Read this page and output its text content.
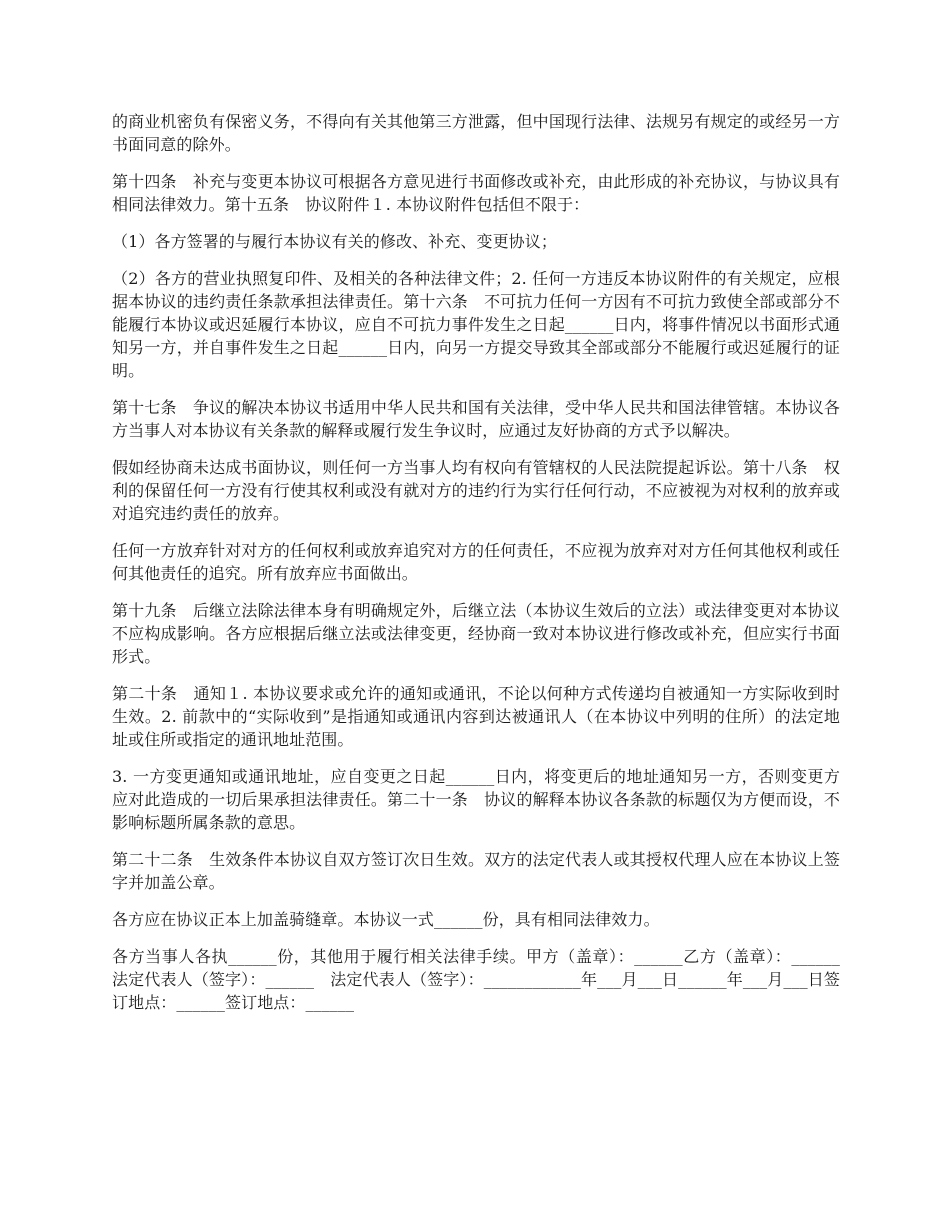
的商业机密负有保密义务，不得向有关其他第三方泄露，但中国现行法律、法规另有规定的或经另一方书面同意的除外。

第十四条　补充与变更本协议可根据各方意见进行书面修改或补充，由此形成的补充协议，与协议具有相同法律效力。第十五条　协议附件１. 本协议附件包括但不限于：

（1）各方签署的与履行本协议有关的修改、补充、变更协议；

（2）各方的营业执照复印件、及相关的各种法律文件；2. 任何一方违反本协议附件的有关规定，应根据本协议的违约责任条款承担法律责任。第十六条　不可抗力任何一方因有不可抗力致使全部或部分不能履行本协议或迟延履行本协议，应自不可抗力事件发生之日起______日内，将事件情况以书面形式通知另一方，并自事件发生之日起______日内，向另一方提交导致其全部或部分不能履行或迟延履行的证明。

第十七条　争议的解决本协议书适用中华人民共和国有关法律，受中华人民共和国法律管辖。本协议各方当事人对本协议有关条款的解释或履行发生争议时，应通过友好协商的方式予以解决。

假如经协商未达成书面协议，则任何一方当事人均有权向有管辖权的人民法院提起诉讼。第十八条　权利的保留任何一方没有行使其权利或没有就对方的违约行为实行任何行动，不应被视为对权利的放弃或对追究违约责任的放弃。

任何一方放弃针对对方的任何权利或放弃追究对方的任何责任，不应视为放弃对对方任何其他权利或任何其他责任的追究。所有放弃应书面做出。

第十九条　后继立法除法律本身有明确规定外，后继立法（本协议生效后的立法）或法律变更对本协议不应构成影响。各方应根据后继立法或法律变更，经协商一致对本协议进行修改或补充，但应实行书面形式。

第二十条　通知１. 本协议要求或允许的通知或通讯，不论以何种方式传递均自被通知一方实际收到时生效。2. 前款中的“实际收到”是指通知或通讯内容到达被通讯人（在本协议中列明的住所）的法定地址或住所或指定的通讯地址范围。

3. 一方变更通知或通讯地址，应自变更之日起______日内，将变更后的地址通知另一方，否则变更方应对此造成的一切后果承担法律责任。第二十一条　协议的解释本协议各条款的标题仅为方便而设，不影响标题所属条款的意思。

第二十二条　生效条件本协议自双方签订次日生效。双方的法定代表人或其授权代理人应在本协议上签字并加盖公章。

各方应在协议正本上加盖骑缝章。本协议一式______份，具有相同法律效力。

各方当事人各执______份，其他用于履行相关法律手续。甲方（盖章）：______乙方（盖章）：______　　法定代表人（签字）：______　法定代表人（签字）：____________年___月___日______年___月___日签订地点：______签订地点：______
